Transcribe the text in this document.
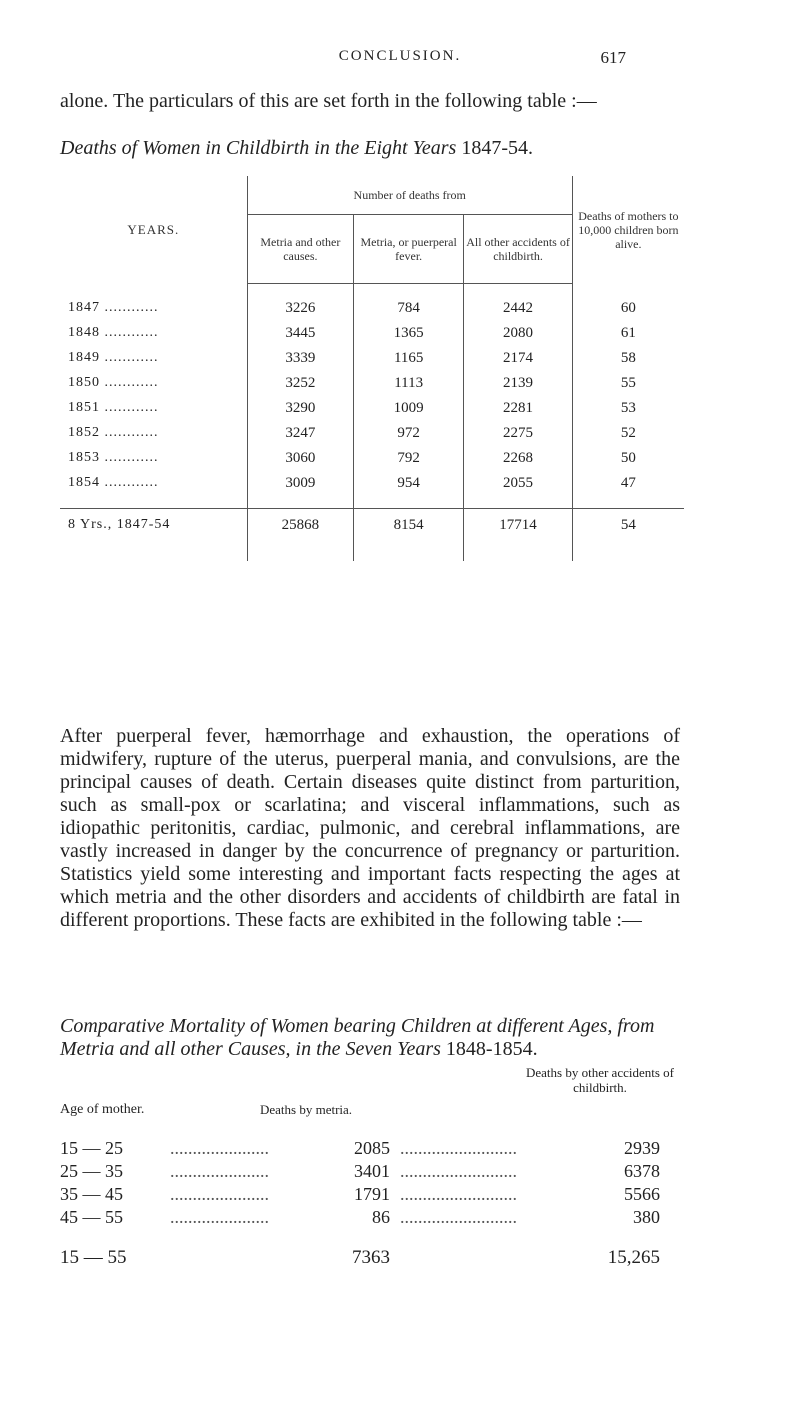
CONCLUSION.	617
alone. The particulars of this are set forth in the following table :—
Deaths of Women in Childbirth in the Eight Years 1847-54.
YEARS.	Number of deaths from			Deaths of mothers to 10,000 children born alive.
	Metria and other causes.	Metria, or puerperal fever.	All other accidents of childbirth.	
1847 ............	3226	784	2442	60
1848 ............	3445	1365	2080	61
1849 ............	3339	1165	2174	58
1850 ............	3252	1113	2139	55
1851 ............	3290	1009	2281	53
1852 ............	3247	972	2275	52
1853 ............	3060	792	2268	50
1854 ............	3009	954	2055	47

8 Yrs., 1847-54	25868	8154	17714	54
After puerperal fever, hæmorrhage and exhaustion, the operations of midwifery, rupture of the uterus, puerperal mania, and convulsions, are the principal causes of death. Certain diseases quite distinct from parturition, such as small-pox or scarlatina; and visceral inflammations, such as idiopathic peritonitis, cardiac, pulmonic, and cerebral inflammations, are vastly increased in danger by the concurrence of pregnancy or parturition. Statistics yield some interesting and important facts respecting the ages at which metria and the other disorders and accidents of childbirth are fatal in different proportions. These facts are exhibited in the following table :—
Comparative Mortality of Women bearing Children at different Ages, from Metria and all other Causes, in the Seven Years 1848-1854.
Age of mother.	Deaths by metria.
Deaths by other accidents of childbirth.
15 — 25	......................	2085 ..........................	2939
25 — 35	......................	3401 ..........................	6378
35 — 45	......................	1791 ..........................	5566
45 — 55	......................	86 ..........................	380
15 — 55	7363	15,265
